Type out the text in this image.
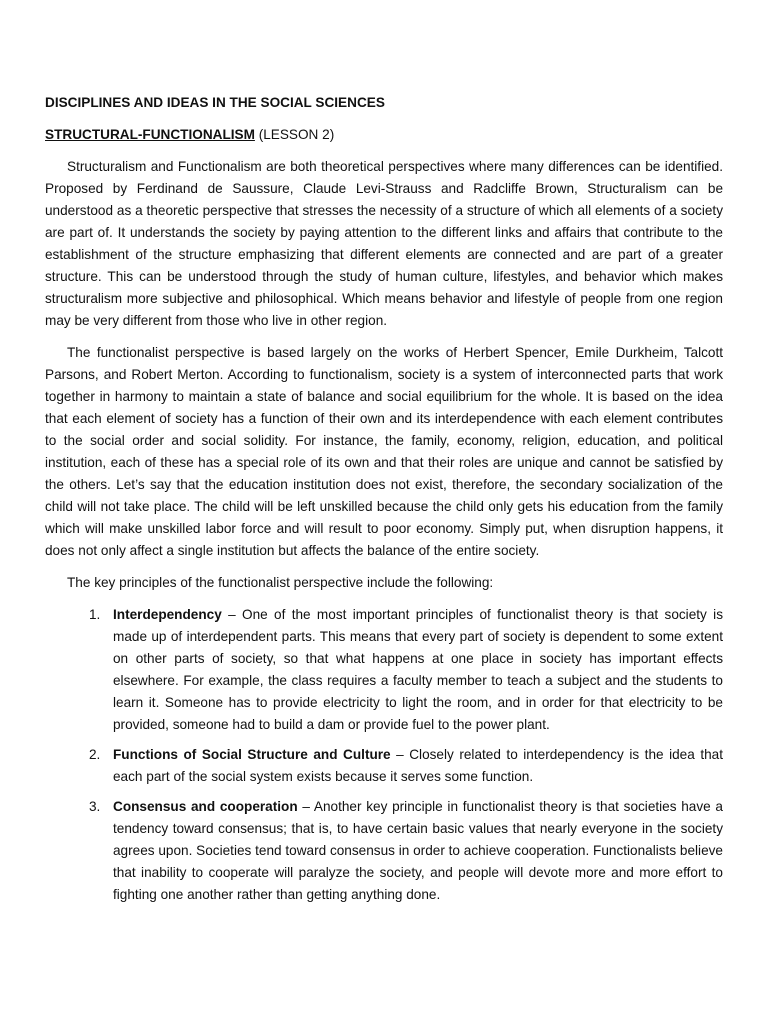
DISCIPLINES AND IDEAS IN THE SOCIAL SCIENCES
STRUCTURAL-FUNCTIONALISM (LESSON 2)

Structuralism and Functionalism are both theoretical perspectives where many differences can be identified. Proposed by Ferdinand de Saussure, Claude Levi-Strauss and Radcliffe Brown, Structuralism can be understood as a theoretic perspective that stresses the necessity of a structure of which all elements of a society are part of. It understands the society by paying attention to the different links and affairs that contribute to the establishment of the structure emphasizing that different elements are connected and are part of a greater structure. This can be understood through the study of human culture, lifestyles, and behavior which makes structuralism more subjective and philosophical. Which means behavior and lifestyle of people from one region may be very different from those who live in other region.

The functionalist perspective is based largely on the works of Herbert Spencer, Emile Durkheim, Talcott Parsons, and Robert Merton. According to functionalism, society is a system of interconnected parts that work together in harmony to maintain a state of balance and social equilibrium for the whole. It is based on the idea that each element of society has a function of their own and its interdependence with each element contributes to the social order and social solidity. For instance, the family, economy, religion, education, and political institution, each of these has a special role of its own and that their roles are unique and cannot be satisfied by the others. Let’s say that the education institution does not exist, therefore, the secondary socialization of the child will not take place. The child will be left unskilled because the child only gets his education from the family which will make unskilled labor force and will result to poor economy. Simply put, when disruption happens, it does not only affect a single institution but affects the balance of the entire society.

The key principles of the functionalist perspective include the following:
1. Interdependency – One of the most important principles of functionalist theory is that society is made up of interdependent parts. This means that every part of society is dependent to some extent on other parts of society, so that what happens at one place in society has important effects elsewhere. For example, the class requires a faculty member to teach a subject and the students to learn it. Someone has to provide electricity to light the room, and in order for that electricity to be provided, someone had to build a dam or provide fuel to the power plant.
2. Functions of Social Structure and Culture – Closely related to interdependency is the idea that each part of the social system exists because it serves some function.
3. Consensus and cooperation – Another key principle in functionalist theory is that societies have a tendency toward consensus; that is, to have certain basic values that nearly everyone in the society agrees upon. Societies tend toward consensus in order to achieve cooperation. Functionalists believe that inability to cooperate will paralyze the society, and people will devote more and more effort to fighting one another rather than getting anything done.
